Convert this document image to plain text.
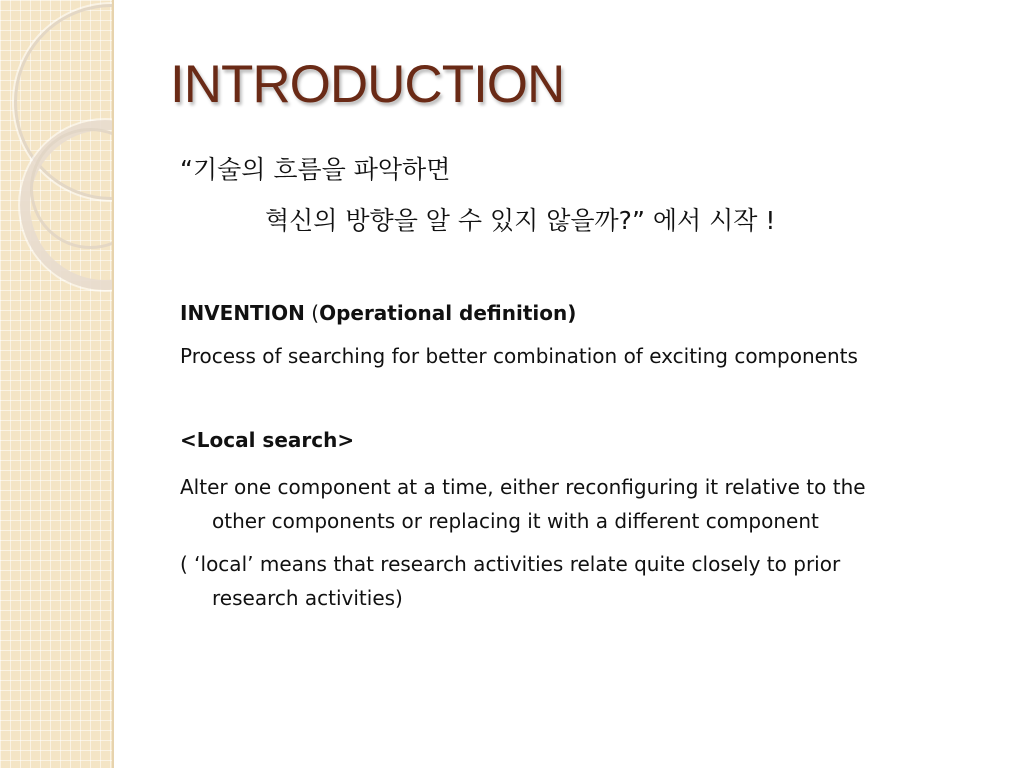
INTRODUCTION
“기술의 흐름을 파악하면
혁신의 방향을 알 수 있지 않을까?” 에서 시작 !
INVENTION (Operational definition)
Process of searching for better combination of exciting components
<Local search>
Alter one component at a time, either reconfiguring it relative to the
other components or replacing it with a different component
( ‘local’ means that research activities relate quite closely to prior
research activities)
